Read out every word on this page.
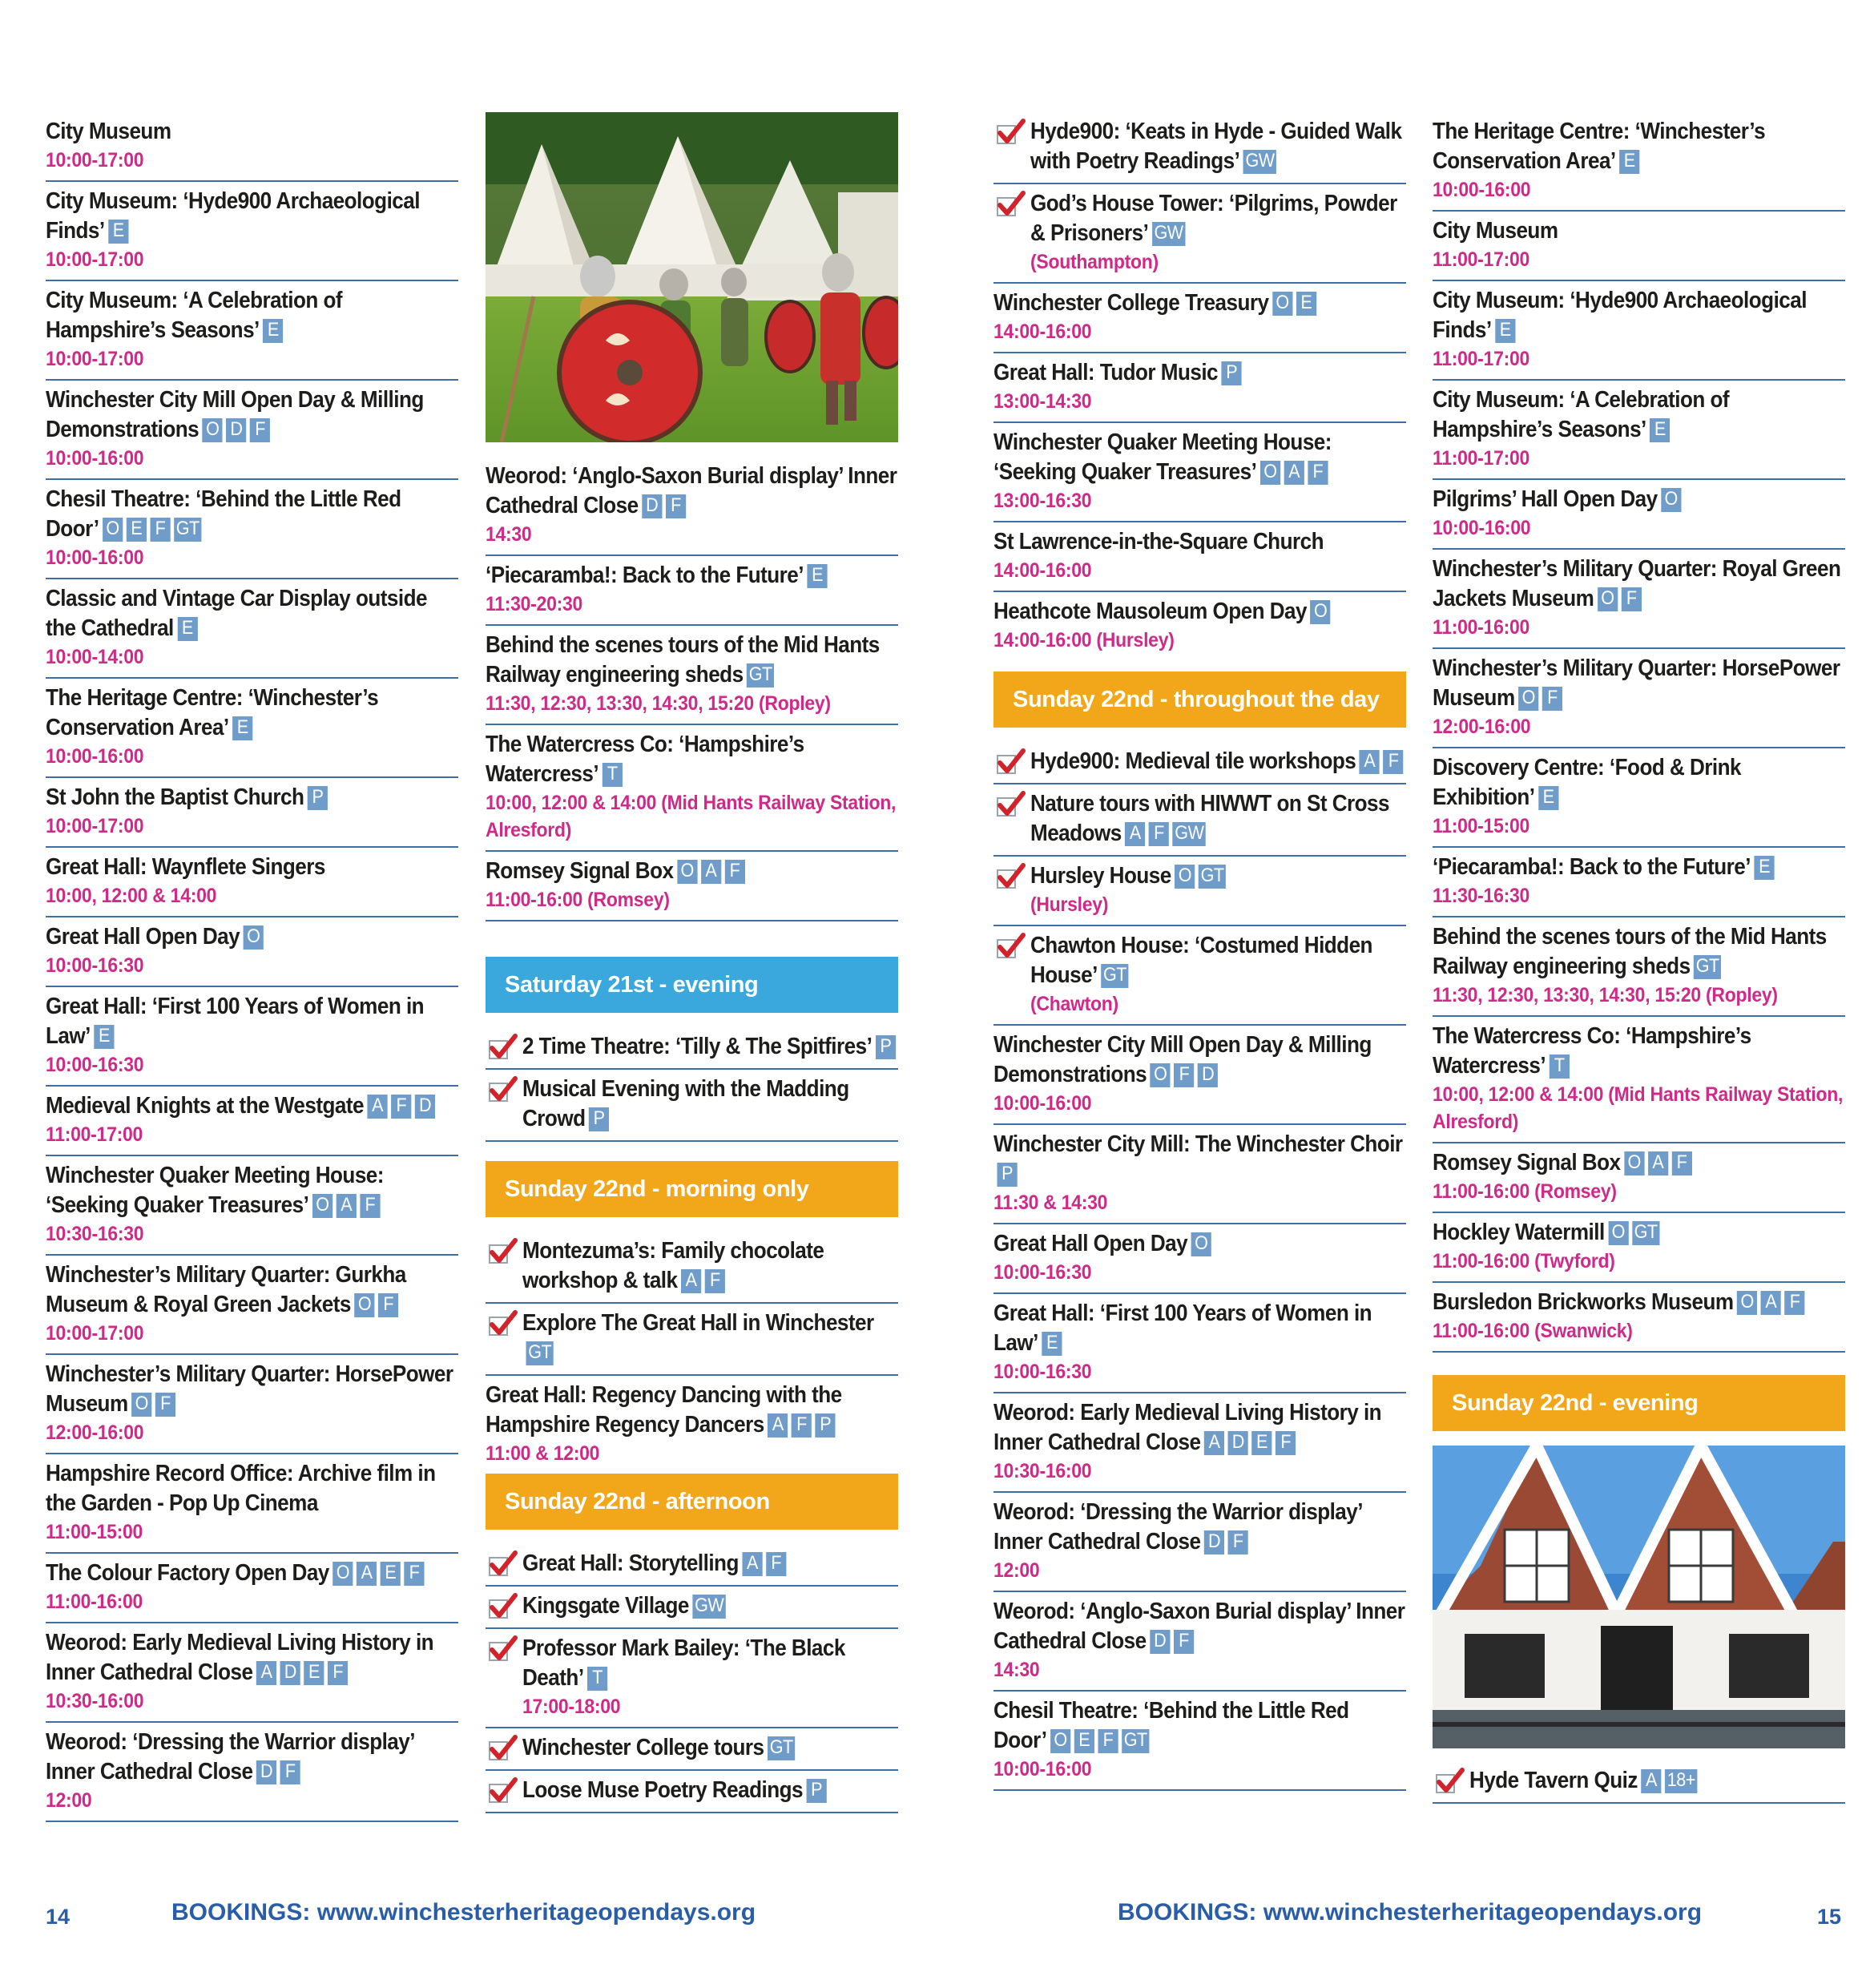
City Museum
10:00-17:00
City Museum: ‘Hyde900 Archaeological Finds’ E
10:00-17:00
City Museum: ‘A Celebration of Hampshire’s Seasons’ E
10:00-17:00
Winchester City Mill Open Day & Milling Demonstrations O D F
10:00-16:00
Chesil Theatre: ‘Behind the Little Red Door’ O E F GT
10:00-16:00
Classic and Vintage Car Display outside the Cathedral E
10:00-14:00
The Heritage Centre: ‘Winchester’s Conservation Area’ E
10:00-16:00
St John the Baptist Church P
10:00-17:00
Great Hall: Waynflete Singers
10:00, 12:00 & 14:00
Great Hall Open Day O
10:00-16:30
Great Hall: ‘First 100 Years of Women in Law’ E
10:00-16:30
Medieval Knights at the Westgate A F D
11:00-17:00
Winchester Quaker Meeting House: ‘Seeking Quaker Treasures’ O A F
10:30-16:30
Winchester’s Military Quarter: Gurkha Museum & Royal Green Jackets O F
10:00-17:00
Winchester’s Military Quarter: HorsePower Museum O F
12:00-16:00
Hampshire Record Office: Archive film in the Garden - Pop Up Cinema
11:00-15:00
The Colour Factory Open Day O A E F
11:00-16:00
Weorod: Early Medieval Living History in Inner Cathedral Close A D E F
10:30-16:00
Weorod: ‘Dressing the Warrior display’ Inner Cathedral Close D F
12:00
Weorod: ‘Anglo-Saxon Burial display’ Inner Cathedral Close D F
14:30
‘Piecaramba!: Back to the Future’ E
11:30-20:30
Behind the scenes tours of the Mid Hants Railway engineering sheds GT
11:30, 12:30, 13:30, 14:30, 15:20 (Ropley)
The Watercress Co: ‘Hampshire’s Watercress’ T
10:00, 12:00 & 14:00 (Mid Hants Railway Station, Alresford)
Romsey Signal Box O A F
11:00-16:00 (Romsey)
Saturday 21st - evening
2 Time Theatre: ‘Tilly & The Spitfires’ P
Musical Evening with the Madding Crowd P
Sunday 22nd - morning only
Montezuma’s: Family chocolate workshop & talk A F
Explore The Great Hall in WinchesterGT
Great Hall: Regency Dancing with the Hampshire Regency Dancers A F P
11:00 & 12:00
Sunday 22nd - afternoon
Great Hall: Storytelling A F
Kingsgate Village GW
Professor Mark Bailey: ‘The Black Death’ T
17:00-18:00
Winchester College tours GT
Loose Muse Poetry Readings P
Hyde900: ‘Keats in Hyde - Guided Walk with Poetry Readings’ GW
God’s House Tower: ‘Pilgrims, Powder & Prisoners’ GW
(Southampton)
Winchester College Treasury O E
14:00-16:00
Great Hall: Tudor Music P
13:00-14:30
Winchester Quaker Meeting House: ‘Seeking Quaker Treasures’ O A F
13:00-16:30
St Lawrence-in-the-Square Church
14:00-16:00
Heathcote Mausoleum Open Day O
14:00-16:00 (Hursley)
Sunday 22nd - throughout the day
Hyde900: Medieval tile workshops A F
Nature tours with HIWWT on St Cross Meadows A F GW
Hursley House O GT
(Hursley)
Chawton House: ‘Costumed Hidden House’ GT
(Chawton)
Winchester City Mill Open Day & Milling Demonstrations O F D
10:00-16:00
Winchester City Mill: The Winchester ChoirP
11:30 & 14:30
Great Hall Open Day O
10:00-16:30
Great Hall: ‘First 100 Years of Women in Law’ E
10:00-16:30
Weorod: Early Medieval Living History in Inner Cathedral Close A D E F
10:30-16:00
Weorod: ‘Dressing the Warrior display’ Inner Cathedral Close D F
12:00
Weorod: ‘Anglo-Saxon Burial display’ Inner Cathedral Close D F
14:30
Chesil Theatre: ‘Behind the Little Red Door’ O E F GT
10:00-16:00
The Heritage Centre: ‘Winchester’s Conservation Area’ E
10:00-16:00
City Museum
11:00-17:00
City Museum: ‘Hyde900 Archaeological Finds’ E
11:00-17:00
City Museum: ‘A Celebration of Hampshire’s Seasons’ E
11:00-17:00
Pilgrims’ Hall Open Day O
10:00-16:00
Winchester’s Military Quarter: Royal Green Jackets Museum O F
11:00-16:00
Winchester’s Military Quarter: HorsePower Museum O F
12:00-16:00
Discovery Centre: ‘Food & Drink Exhibition’ E
11:00-15:00
‘Piecaramba!: Back to the Future’ E
11:30-16:30
Behind the scenes tours of the Mid Hants Railway engineering sheds GT
11:30, 12:30, 13:30, 14:30, 15:20 (Ropley)
The Watercress Co: ‘Hampshire’s Watercress’ T
10:00, 12:00 & 14:00 (Mid Hants Railway Station, Alresford)
Romsey Signal Box O A F
11:00-16:00 (Romsey)
Hockley Watermill O GT
11:00-16:00 (Twyford)
Bursledon Brickworks Museum O A F
11:00-16:00 (Swanwick)
Sunday 22nd - evening
Hyde Tavern Quiz A 18+
14	BOOKINGS: www.winchesterheritageopendays.org	BOOKINGS: www.winchesterheritageopendays.org	15
